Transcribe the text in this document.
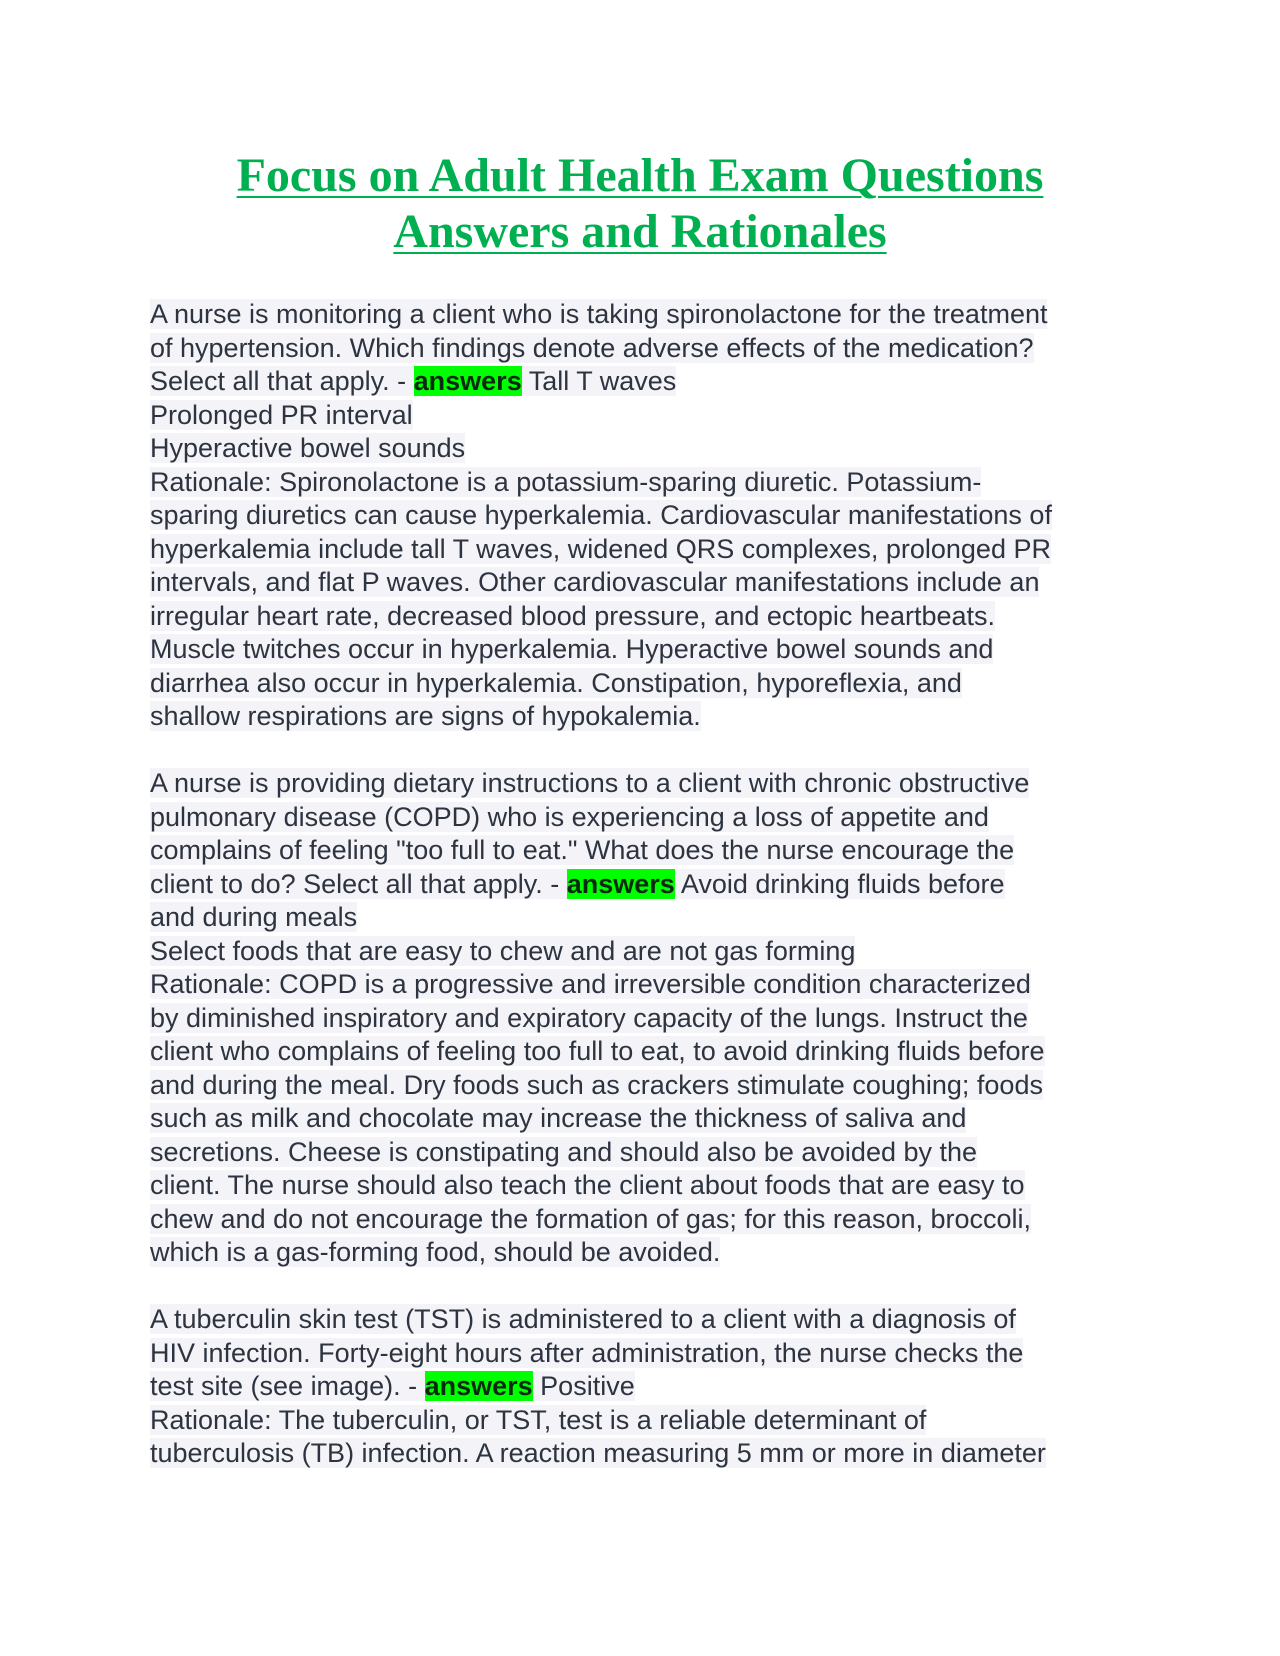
Focus on Adult Health Exam Questions
Answers and Rationales
A nurse is monitoring a client who is taking spironolactone for the treatment
of hypertension. Which findings denote adverse effects of the medication?
Select all that apply. - answers Tall T waves
Prolonged PR interval
Hyperactive bowel sounds
Rationale: Spironolactone is a potassium-sparing diuretic. Potassium-
sparing diuretics can cause hyperkalemia. Cardiovascular manifestations of
hyperkalemia include tall T waves, widened QRS complexes, prolonged PR
intervals, and flat P waves. Other cardiovascular manifestations include an
irregular heart rate, decreased blood pressure, and ectopic heartbeats.
Muscle twitches occur in hyperkalemia. Hyperactive bowel sounds and
diarrhea also occur in hyperkalemia. Constipation, hyporeflexia, and
shallow respirations are signs of hypokalemia.
A nurse is providing dietary instructions to a client with chronic obstructive
pulmonary disease (COPD) who is experiencing a loss of appetite and
complains of feeling "too full to eat." What does the nurse encourage the
client to do? Select all that apply. - answers Avoid drinking fluids before
and during meals
Select foods that are easy to chew and are not gas forming
Rationale: COPD is a progressive and irreversible condition characterized
by diminished inspiratory and expiratory capacity of the lungs. Instruct the
client who complains of feeling too full to eat, to avoid drinking fluids before
and during the meal. Dry foods such as crackers stimulate coughing; foods
such as milk and chocolate may increase the thickness of saliva and
secretions. Cheese is constipating and should also be avoided by the
client. The nurse should also teach the client about foods that are easy to
chew and do not encourage the formation of gas; for this reason, broccoli,
which is a gas-forming food, should be avoided.
A tuberculin skin test (TST) is administered to a client with a diagnosis of
HIV infection. Forty-eight hours after administration, the nurse checks the
test site (see image). - answers Positive
Rationale: The tuberculin, or TST, test is a reliable determinant of
tuberculosis (TB) infection. A reaction measuring 5 mm or more in diameter
